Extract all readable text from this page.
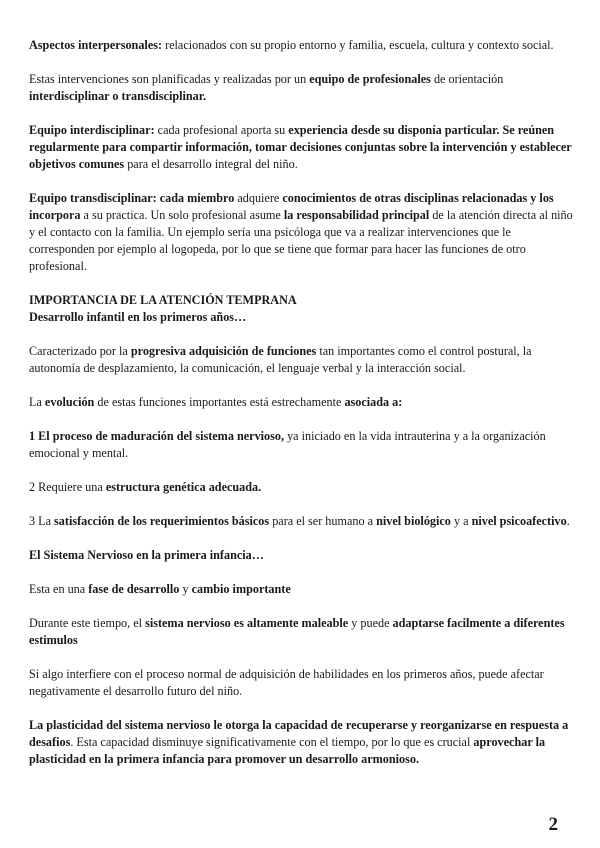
Aspectos interpersonales: relacionados con su propio entorno y familia, escuela, cultura y contexto social.

Estas intervenciones son planificadas y realizadas por un equipo de profesionales de orientación interdisciplinar o transdisciplinar.

Equipo interdisciplinar: cada profesional aporta su experiencia desde su disponía particular. Se reúnen regularmente para compartir información, tomar decisiones conjuntas sobre la intervención y establecer objetivos comunes para el desarrollo integral del niño.

Equipo transdisciplinar: cada miembro adquiere conocimientos de otras disciplinas relacionadas y los incorpora a su practica. Un solo profesional asume la responsabilidad principal de la atención directa al niño y el contacto con la familia. Un ejemplo sería una psicóloga que va a realizar intervenciones que le corresponden por ejemplo al logopeda, por lo que se tiene que formar para hacer las funciones de otro profesional.

IMPORTANCIA DE LA ATENCIÓN TEMPRANA

Desarrollo infantil en los primeros años…

Caracterizado por la progresiva adquisición de funciones tan importantes como el control postural, la autonomía de desplazamiento, la comunicación, el lenguaje verbal y la interacción social.

La evolución de estas funciones importantes está estrechamente asociada a:

1 El proceso de maduración del sistema nervioso, ya iniciado en la vida intrauterina y a la organización emocional y mental.

2 Requiere una estructura genética adecuada.

3 La satisfacción de los requerimientos básicos para el ser humano a nivel biológico y a nivel psicoafectivo.

El Sistema Nervioso en la primera infancia…

Esta en una fase de desarrollo y cambio importante

Durante este tiempo, el sistema nervioso es altamente maleable y puede adaptarse facilmente a diferentes estimulos

Si algo interfiere con el proceso normal de adquisición de habilidades en los primeros años, puede afectar negativamente el desarrollo futuro del niño.

La plasticidad del sistema nervioso le otorga la capacidad de recuperarse y reorganizarse en respuesta a desafios. Esta capacidad disminuye significativamente con el tiempo, por lo que es crucial aprovechar la plasticidad en la primera infancia para promover un desarrollo armonioso.

2
